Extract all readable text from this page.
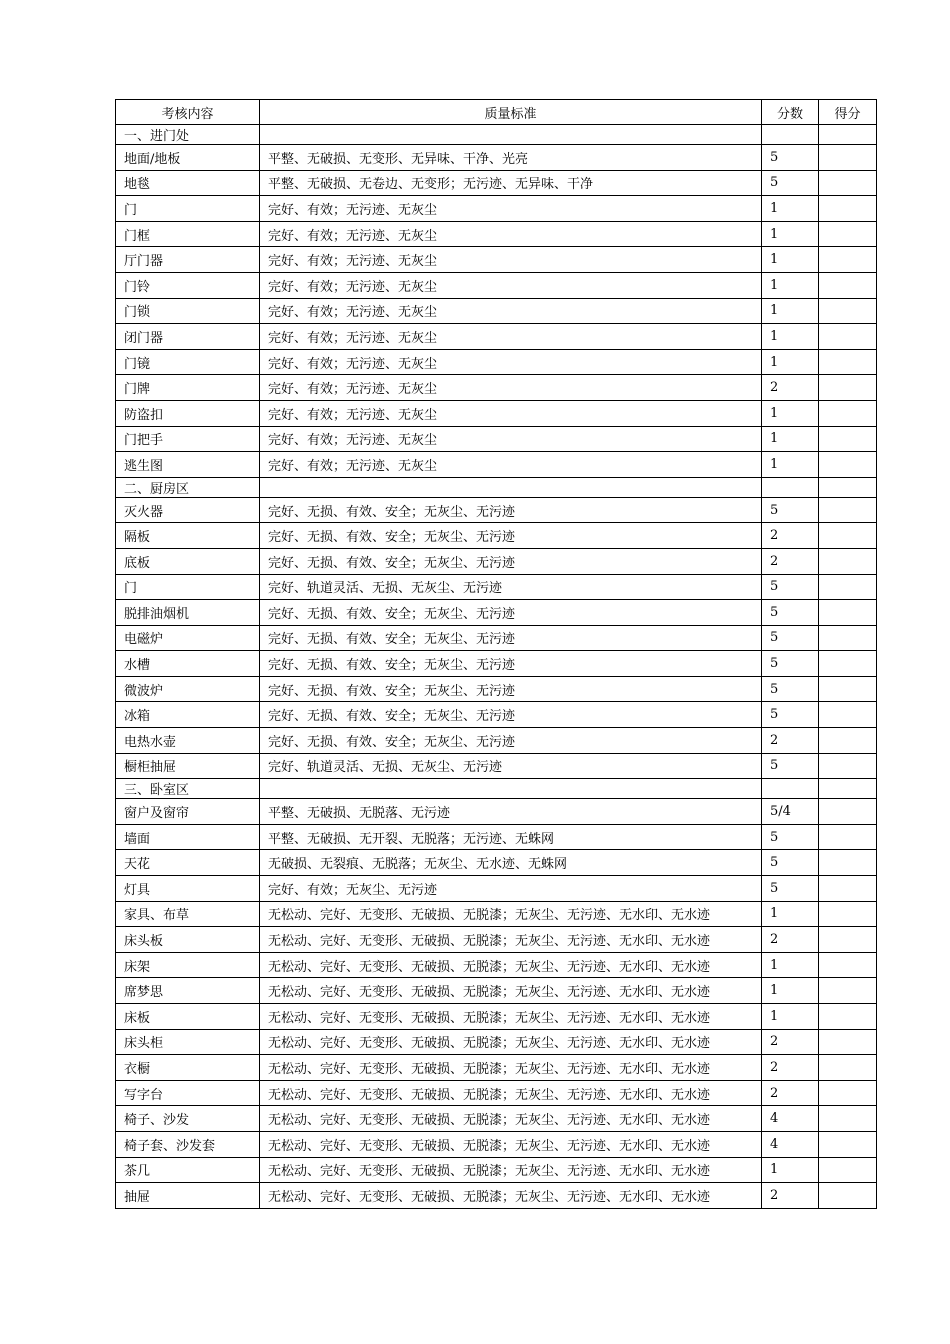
考核内容	质量标准	分数	得分
一、进门处			
地面/地板	平整、无破损、无变形、无异味、干净、光亮	5	
地毯	平整、无破损、无卷边、无变形；无污迹、无异味、干净	5	
门	完好、有效；无污迹、无灰尘	1	
门框	完好、有效；无污迹、无灰尘	1	
厅门器	完好、有效；无污迹、无灰尘	1	
门铃	完好、有效；无污迹、无灰尘	1	
门锁	完好、有效；无污迹、无灰尘	1	
闭门器	完好、有效；无污迹、无灰尘	1	
门镜	完好、有效；无污迹、无灰尘	1	
门牌	完好、有效；无污迹、无灰尘	2	
防盗扣	完好、有效；无污迹、无灰尘	1	
门把手	完好、有效；无污迹、无灰尘	1	
逃生图	完好、有效；无污迹、无灰尘	1	
二、厨房区			
灭火器	完好、无损、有效、安全；无灰尘、无污迹	5	
隔板	完好、无损、有效、安全；无灰尘、无污迹	2	
底板	完好、无损、有效、安全；无灰尘、无污迹	2	
门	完好、轨道灵活、无损、无灰尘、无污迹	5	
脱排油烟机	完好、无损、有效、安全；无灰尘、无污迹	5	
电磁炉	完好、无损、有效、安全；无灰尘、无污迹	5	
水槽	完好、无损、有效、安全；无灰尘、无污迹	5	
微波炉	完好、无损、有效、安全；无灰尘、无污迹	5	
冰箱	完好、无损、有效、安全；无灰尘、无污迹	5	
电热水壶	完好、无损、有效、安全；无灰尘、无污迹	2	
橱柜抽屉	完好、轨道灵活、无损、无灰尘、无污迹	5	
三、卧室区			
窗户及窗帘	平整、无破损、无脱落、无污迹	5/4	
墙面	平整、无破损、无开裂、无脱落；无污迹、无蛛网	5	
天花	无破损、无裂痕、无脱落；无灰尘、无水迹、无蛛网	5	
灯具	完好、有效；无灰尘、无污迹	5	
家具、布草	无松动、完好、无变形、无破损、无脱漆；无灰尘、无污迹、无水印、无水迹	1	
床头板	无松动、完好、无变形、无破损、无脱漆；无灰尘、无污迹、无水印、无水迹	2	
床架	无松动、完好、无变形、无破损、无脱漆；无灰尘、无污迹、无水印、无水迹	1	
席梦思	无松动、完好、无变形、无破损、无脱漆；无灰尘、无污迹、无水印、无水迹	1	
床板	无松动、完好、无变形、无破损、无脱漆；无灰尘、无污迹、无水印、无水迹	1	
床头柜	无松动、完好、无变形、无破损、无脱漆；无灰尘、无污迹、无水印、无水迹	2	
衣橱	无松动、完好、无变形、无破损、无脱漆；无灰尘、无污迹、无水印、无水迹	2	
写字台	无松动、完好、无变形、无破损、无脱漆；无灰尘、无污迹、无水印、无水迹	2	
椅子、沙发	无松动、完好、无变形、无破损、无脱漆；无灰尘、无污迹、无水印、无水迹	4	
椅子套、沙发套	无松动、完好、无变形、无破损、无脱漆；无灰尘、无污迹、无水印、无水迹	4	
茶几	无松动、完好、无变形、无破损、无脱漆；无灰尘、无污迹、无水印、无水迹	1	
抽屉	无松动、完好、无变形、无破损、无脱漆；无灰尘、无污迹、无水印、无水迹	2	
